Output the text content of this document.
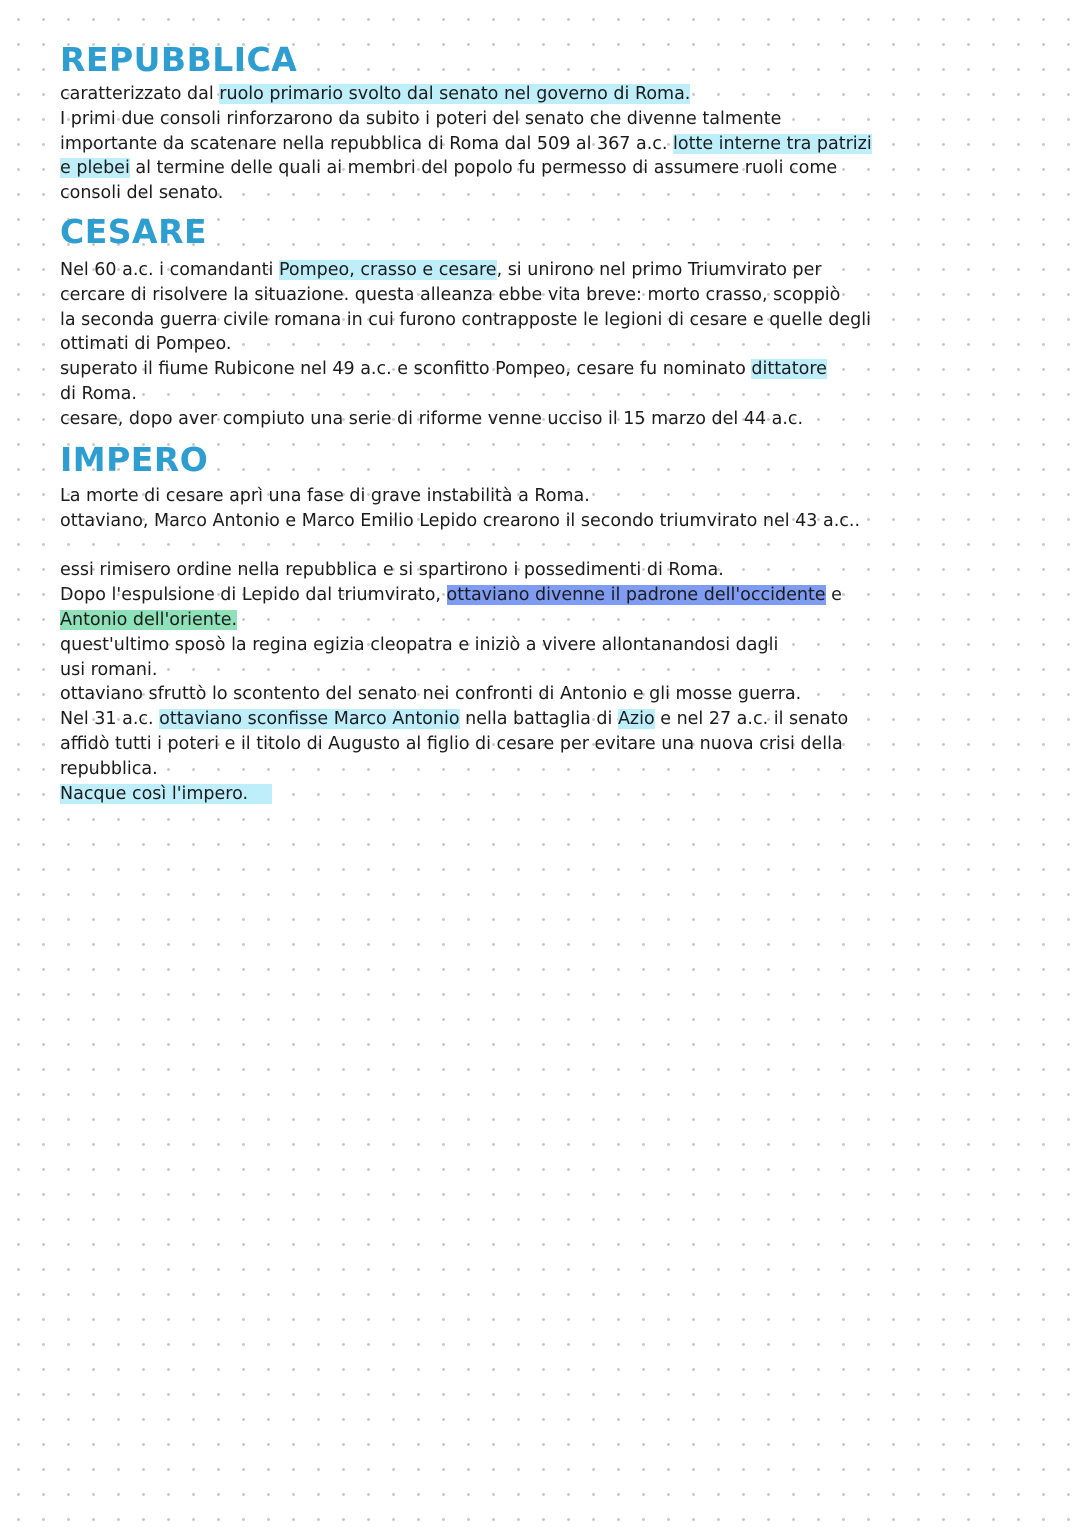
REPUBBLICA
caratterizzato dal ruolo primario svolto dal senato nel governo di Roma.
I primi due consoli rinforzarono da subito i poteri del senato che divenne talmente
importante da scatenare nella repubblica di Roma dal 509 al 367 a.c. lotte interne tra patrizi
e plebei al termine delle quali ai membri del popolo fu permesso di assumere ruoli come
consoli del senato.
CESARE
Nel 60 a.c. i comandanti Pompeo, crasso e cesare, si unirono nel primo Triumvirato per
cercare di risolvere la situazione. questa alleanza ebbe vita breve: morto crasso, scoppiò
la seconda guerra civile romana in cui furono contrapposte le legioni di cesare e quelle degli
ottimati di Pompeo.
superato il fiume Rubicone nel 49 a.c. e sconfitto Pompeo, cesare fu nominato dittatore
di Roma.
cesare, dopo aver compiuto una serie di riforme venne ucciso il 15 marzo del 44 a.c.
IMPERO
La morte di cesare aprì una fase di grave instabilità a Roma.
ottaviano, Marco Antonio e Marco Emilio Lepido crearono il secondo triumvirato nel 43 a.c..
essi rimisero ordine nella repubblica e si spartirono i possedimenti di Roma.
Dopo l'espulsione di Lepido dal triumvirato, ottaviano divenne il padrone dell'occidente e
Antonio dell'oriente.
quest'ultimo sposò la regina egizia cleopatra e iniziò a vivere allontanandosi dagli
usi romani.
ottaviano sfruttò lo scontento del senato nei confronti di Antonio e gli mosse guerra.
Nel 31 a.c. ottaviano sconfisse Marco Antonio nella battaglia di Azio e nel 27 a.c. il senato
affidò tutti i poteri e il titolo di Augusto al figlio di cesare per evitare una nuova crisi della
repubblica.
Nacque così l'impero.
